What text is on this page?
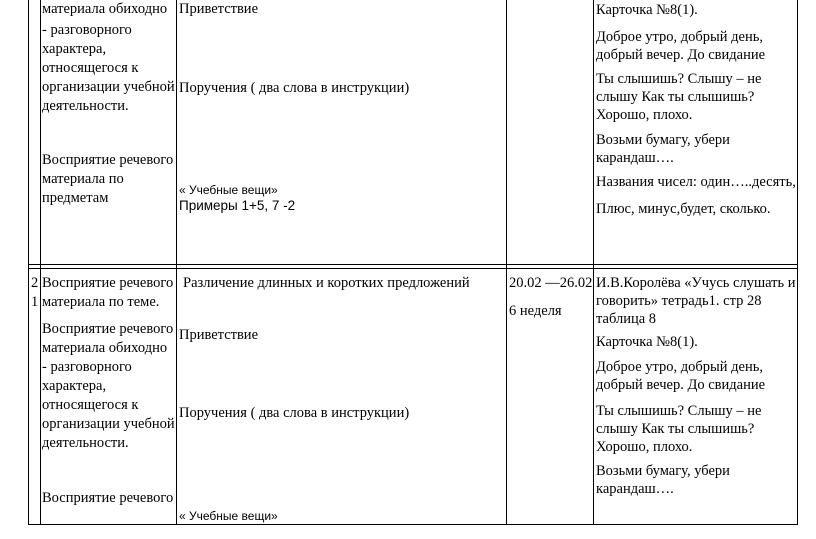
материала обиходно
- разговорного
характера,
относящегося к
организации учебной
деятельности.
Восприятие речевого
материала по
предметам
Приветствие
Поручения ( два слова в инструкции)
« Учебные вещи»
Примеры 1+5, 7 -2
Карточка №8(1).
Доброе утро, добрый день,
добрый вечер. До свидание
Ты слышишь? Слышу – не
слышу Как ты слышишь?
Хорошо, плохо.
Возьми бумагу, убери
карандаш….
Названия чисел: один…..десять,
Плюс, минус,будет, сколько.
2
1
Восприятие речевого
материала по теме.
Восприятие речевого
материала обиходно
- разговорного
характера,
относящегося к
организации учебной
деятельности.
Восприятие речевого
Различение длинных и коротких предложений
Приветствие
Поручения ( два слова в инструкции)
« Учебные вещи»
20.02 —26.02
6 неделя
И.В.Королёва «Учусь слушать и
говорить» тетрадь1. стр 28
таблица 8
Карточка №8(1).
Доброе утро, добрый день,
добрый вечер. До свидание
Ты слышишь? Слышу – не
слышу Как ты слышишь?
Хорошо, плохо.
Возьми бумагу, убери
карандаш….
